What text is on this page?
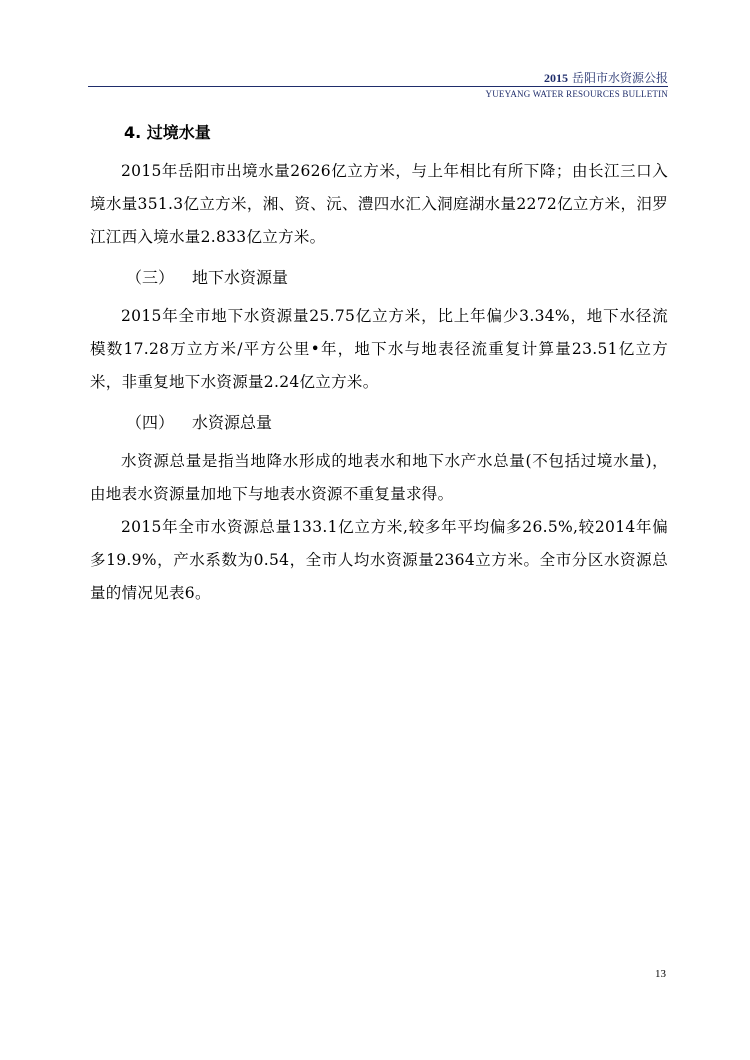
2015 岳阳市水资源公报
YUEYANG WATER RESOURCES BULLETIN
4. 过境水量

2015年岳阳市出境水量2626亿立方米，与上年相比有所下降；由长江三口入境水量351.3亿立方米，湘、资、沅、澧四水汇入洞庭湖水量2272亿立方米，汨罗江江西入境水量2.833亿立方米。

（三） 地下水资源量

2015年全市地下水资源量25.75亿立方米，比上年偏少3.34%，地下水径流模数17.28万立方米/平方公里•年，地下水与地表径流重复计算量23.51亿立方米，非重复地下水资源量2.24亿立方米。

（四） 水资源总量

水资源总量是指当地降水形成的地表水和地下水产水总量(不包括过境水量)，由地表水资源量加地下与地表水资源不重复量求得。

2015年全市水资源总量133.1亿立方米,较多年平均偏多26.5%,较2014年偏多19.9%，产水系数为0.54，全市人均水资源量2364立方米。全市分区水资源总量的情况见表6。

13
